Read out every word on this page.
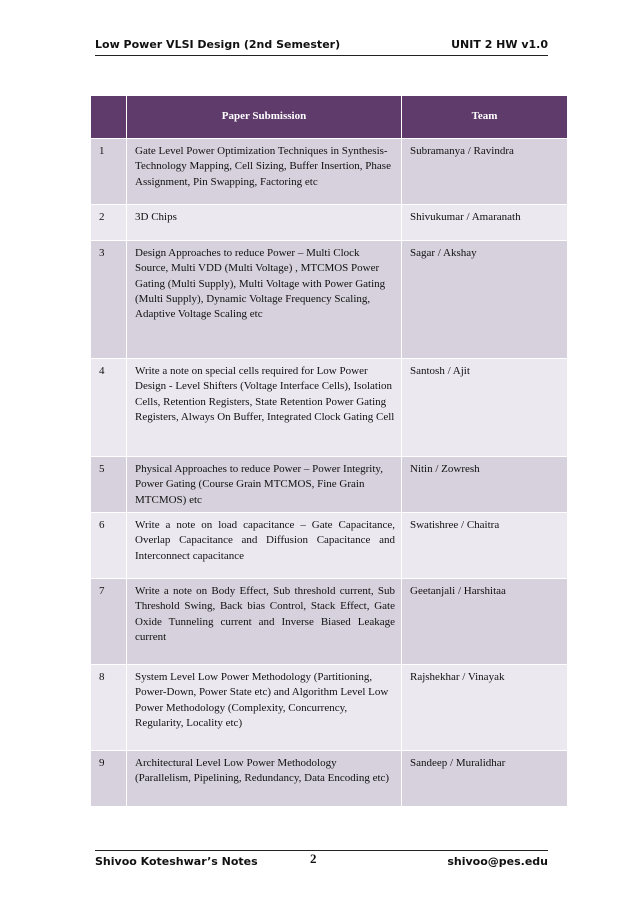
Low Power VLSI Design (2nd Semester)	UNIT 2 HW v1.0
	Paper Submission	Team
1	Gate Level Power Optimization Techniques in Synthesis- Technology Mapping, Cell Sizing, Buffer Insertion, Phase Assignment, Pin Swapping, Factoring etc	Subramanya / Ravindra
2	3D Chips	Shivukumar / Amaranath
3	Design Approaches to reduce Power – Multi Clock Source, Multi VDD (Multi Voltage) , MTCMOS Power Gating (Multi Supply), Multi Voltage with Power Gating (Multi Supply), Dynamic Voltage Frequency Scaling, Adaptive Voltage Scaling etc	Sagar / Akshay
4	Write a note on special cells required for Low Power Design - Level Shifters (Voltage Interface Cells), Isolation Cells, Retention Registers, State Retention Power Gating Registers, Always On Buffer, Integrated Clock Gating Cell	Santosh / Ajit
5	Physical Approaches to reduce Power – Power Integrity, Power Gating (Course Grain MTCMOS, Fine Grain MTCMOS) etc	Nitin / Zowresh
6	Write a note on load capacitance – Gate Capacitance, Overlap Capacitance and Diffusion Capacitance and Interconnect capacitance	Swatishree / Chaitra
7	Write a note on Body Effect, Sub threshold current, Sub Threshold Swing, Back bias Control, Stack Effect, Gate Oxide Tunneling current and Inverse Biased Leakage current	Geetanjali / Harshitaa
8	System Level Low Power Methodology (Partitioning, Power-Down, Power State etc) and Algorithm Level Low Power Methodology (Complexity, Concurrency, Regularity, Locality etc)	Rajshekhar / Vinayak
9	Architectural Level Low Power Methodology (Parallelism, Pipelining, Redundancy, Data Encoding etc)	Sandeep / Muralidhar
Shivoo Koteshwar’s Notes	2	shivoo@pes.edu
